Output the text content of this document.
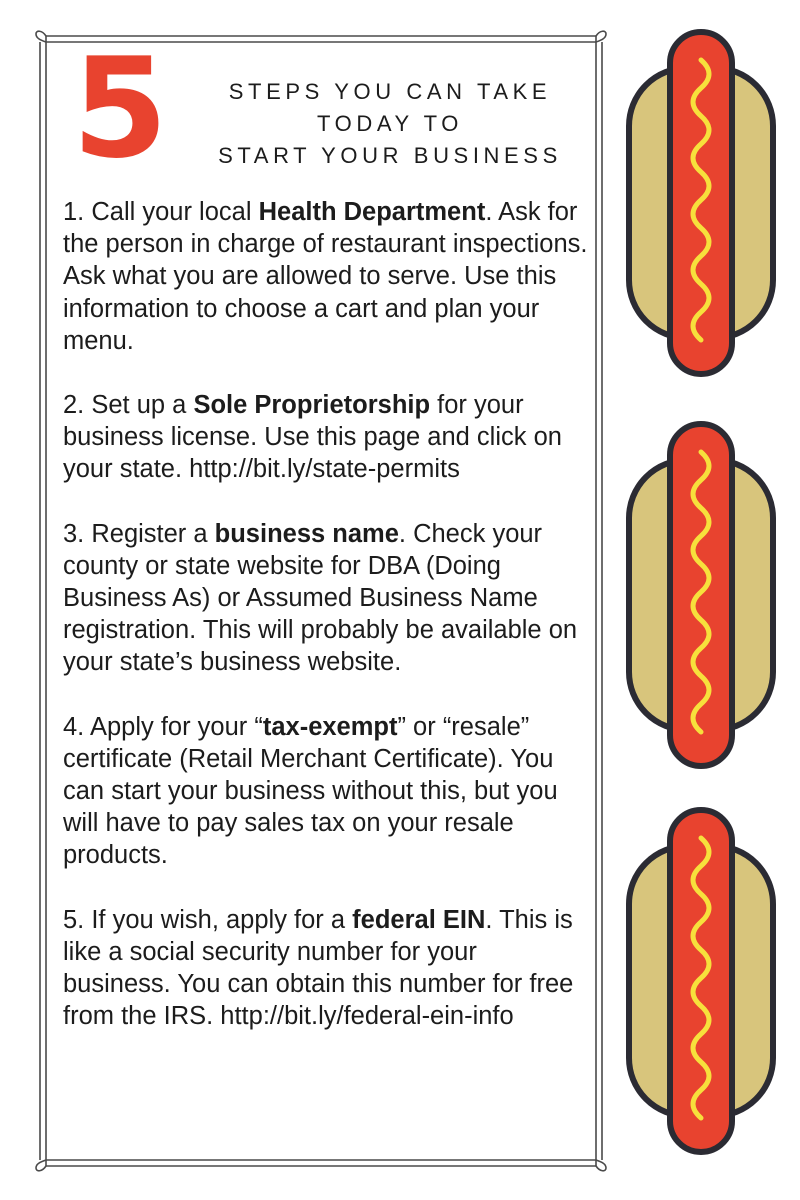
5	STEPS YOU CAN TAKE
TODAY TO
START YOUR BUSINESS

1. Call your local Health Department. Ask for the person in charge of restaurant inspections. Ask what you are allowed to serve. Use this information to choose a cart and plan your menu.

2. Set up a Sole Proprietorship for your business license. Use this page and click on your state. http://bit.ly/state-permits

3. Register a business name. Check your county or state website for DBA (Doing Business As) or Assumed Business Name registration. This will probably be available on your state’s business website.

4. Apply for your “tax-exempt” or “resale” certificate (Retail Merchant Certificate). You can start your business without this, but you will have to pay sales tax on your resale products.

5. If you wish, apply for a federal EIN. This is like a social security number for your business. You can obtain this number for free from the IRS. http://bit.ly/federal-ein-info
